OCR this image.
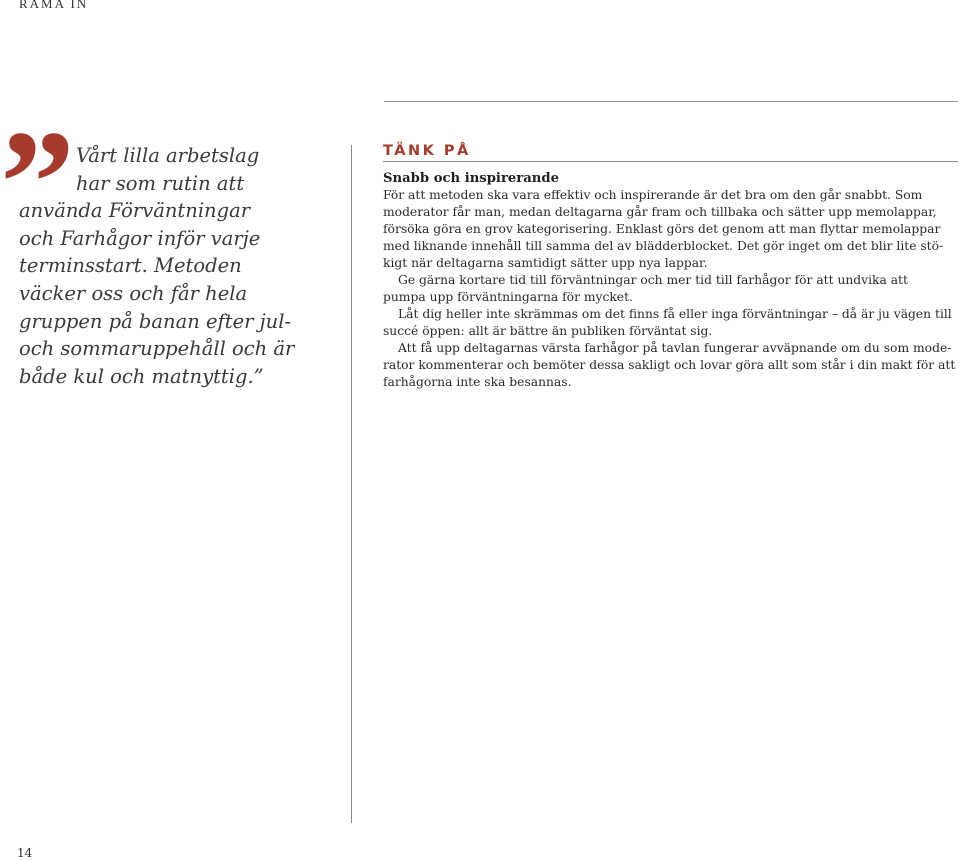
RAMA IN
” Vårt lilla arbetslag
har som rutin att
använda Förväntningar
och Farhågor inför varje
terminsstart. Metoden
väcker oss och får hela
gruppen på banan efter jul-
och sommaruppehåll och är
både kul och matnyttig.”
TÄNK PÅ
Snabb och inspirerande

För att metoden ska vara effektiv och inspirerande är det bra om den går snabbt. Som
moderator får man, medan deltagarna går fram och tillbaka och sätter upp memolappar,
försöka göra en grov kategorisering. Enklast görs det genom att man flyttar memolappar
med liknande innehåll till samma del av blädderblocket. Det gör inget om det blir lite stö-
kigt när deltagarna samtidigt sätter upp nya lappar.

Ge gärna kortare tid till förväntningar och mer tid till farhågor för att undvika att
pumpa upp förväntningarna för mycket.

Låt dig heller inte skrämmas om det finns få eller inga förväntningar – då är ju vägen till
succé öppen: allt är bättre än publiken förväntat sig.

Att få upp deltagarnas värsta farhågor på tavlan fungerar avväpnande om du som mode-
rator kommenterar och bemöter dessa sakligt och lovar göra allt som står i din makt för att
farhågorna inte ska besannas.

14
